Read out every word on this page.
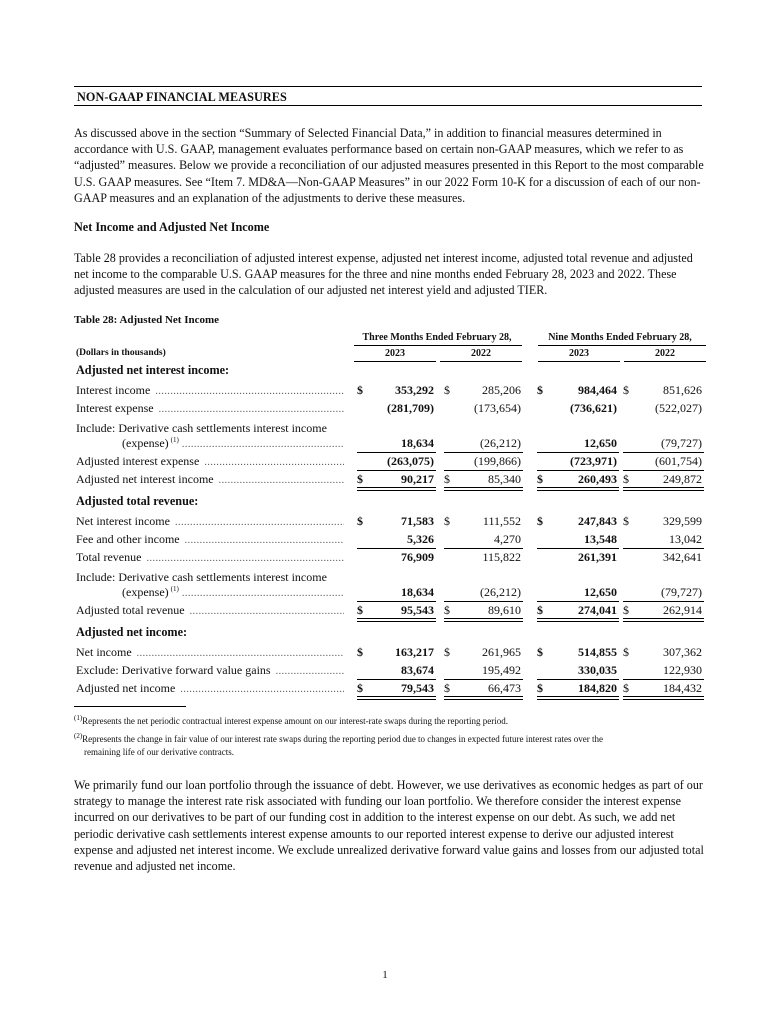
NON-GAAP FINANCIAL MEASURES

As discussed above in the section “Summary of Selected Financial Data,” in addition to financial measures determined in accordance with U.S. GAAP, management evaluates performance based on certain non-GAAP measures, which we refer to as “adjusted” measures. Below we provide a reconciliation of our adjusted measures presented in this Report to the most comparable U.S. GAAP measures. See “Item 7. MD&A—Non-GAAP Measures” in our 2022 Form 10-K for a discussion of each of our non-GAAP measures and an explanation of the adjustments to derive these measures.

Net Income and Adjusted Net Income

Table 28 provides a reconciliation of adjusted interest expense, adjusted net interest income, adjusted total revenue and adjusted net income to the comparable U.S. GAAP measures for the three and nine months ended February 28, 2023 and 2022. These adjusted measures are used in the calculation of our adjusted net interest yield and adjusted TIER.

Table 28: Adjusted Net Income
Three Months Ended February 28,	Nine Months Ended February 28,
(Dollars in thousands)	2023	2022	2023	2022
Adjusted net interest income:
Interest income .....	$	353,292 $	285,206 $	984,464 $	851,626
Interest expense .....	(281,709)	(173,654)	(736,621)	(522,027)
Include: Derivative cash settlements interest income
(expense) $^{(1)}$ .....	18,634	(26,212)	12,650	(79,727)
Adjusted interest expense .....	(263,075)	(199,866)	(723,971)	(601,754)
Adjusted net interest income .....	$	90,217 $	85,340 $	260,493 $	249,872
Adjusted total revenue:
Net interest income .....	$	71,583 $	111,552 $	247,843 $	329,599
Fee and other income .....	5,326	4,270	13,548	13,042
Total revenue .....	76,909	115,822	261,391	342,641
Include: Derivative cash settlements interest income
(expense) $^{(1)}$ .....	18,634	(26,212)	12,650	(79,727)
Adjusted total revenue .....	$	95,543 $	89,610 $	274,041 $	262,914
Adjusted net income:
Net income .....	$	163,217 $	261,965 $	514,855 $	307,362
Exclude: Derivative forward value gains .....	83,674	195,492	330,035	122,930
Adjusted net income .....	$	79,543 $	66,473 $	184,820 $	184,432

$^{(1)}$Represents the net periodic contractual interest expense amount on our interest-rate swaps during the reporting period.

$^{(2)}$Represents the change in fair value of our interest rate swaps during the reporting period due to changes in expected future interest rates over the
remaining life of our derivative contracts.

We primarily fund our loan portfolio through the issuance of debt. However, we use derivatives as economic hedges as part of our strategy to manage the interest rate risk associated with funding our loan portfolio. We therefore consider the interest expense incurred on our derivatives to be part of our funding cost in addition to the interest expense on our debt. As such, we add net periodic derivative cash settlements interest expense amounts to our reported interest expense to derive our adjusted interest expense and adjusted net interest income. We exclude unrealized derivative forward value gains and losses from our adjusted total revenue and adjusted net income.

1
